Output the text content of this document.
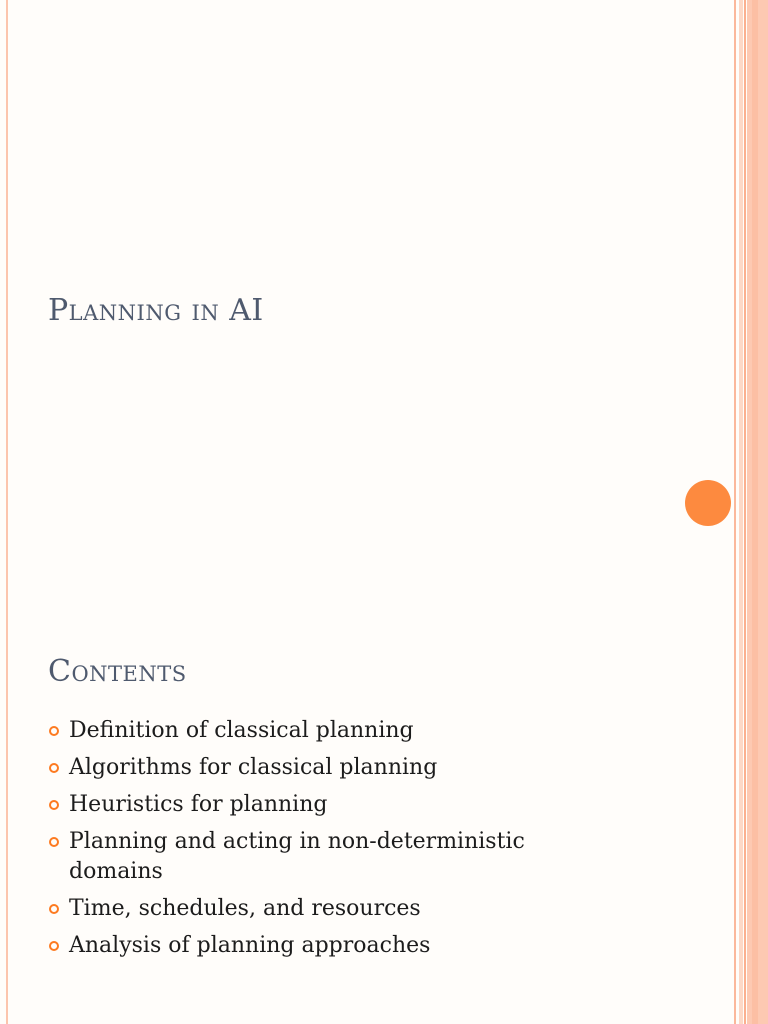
Planning in AI
Contents
Definition of classical planning
Algorithms for classical planning
Heuristics for planning
Planning and acting in non-deterministic domains
Time, schedules, and resources
Analysis of planning approaches
